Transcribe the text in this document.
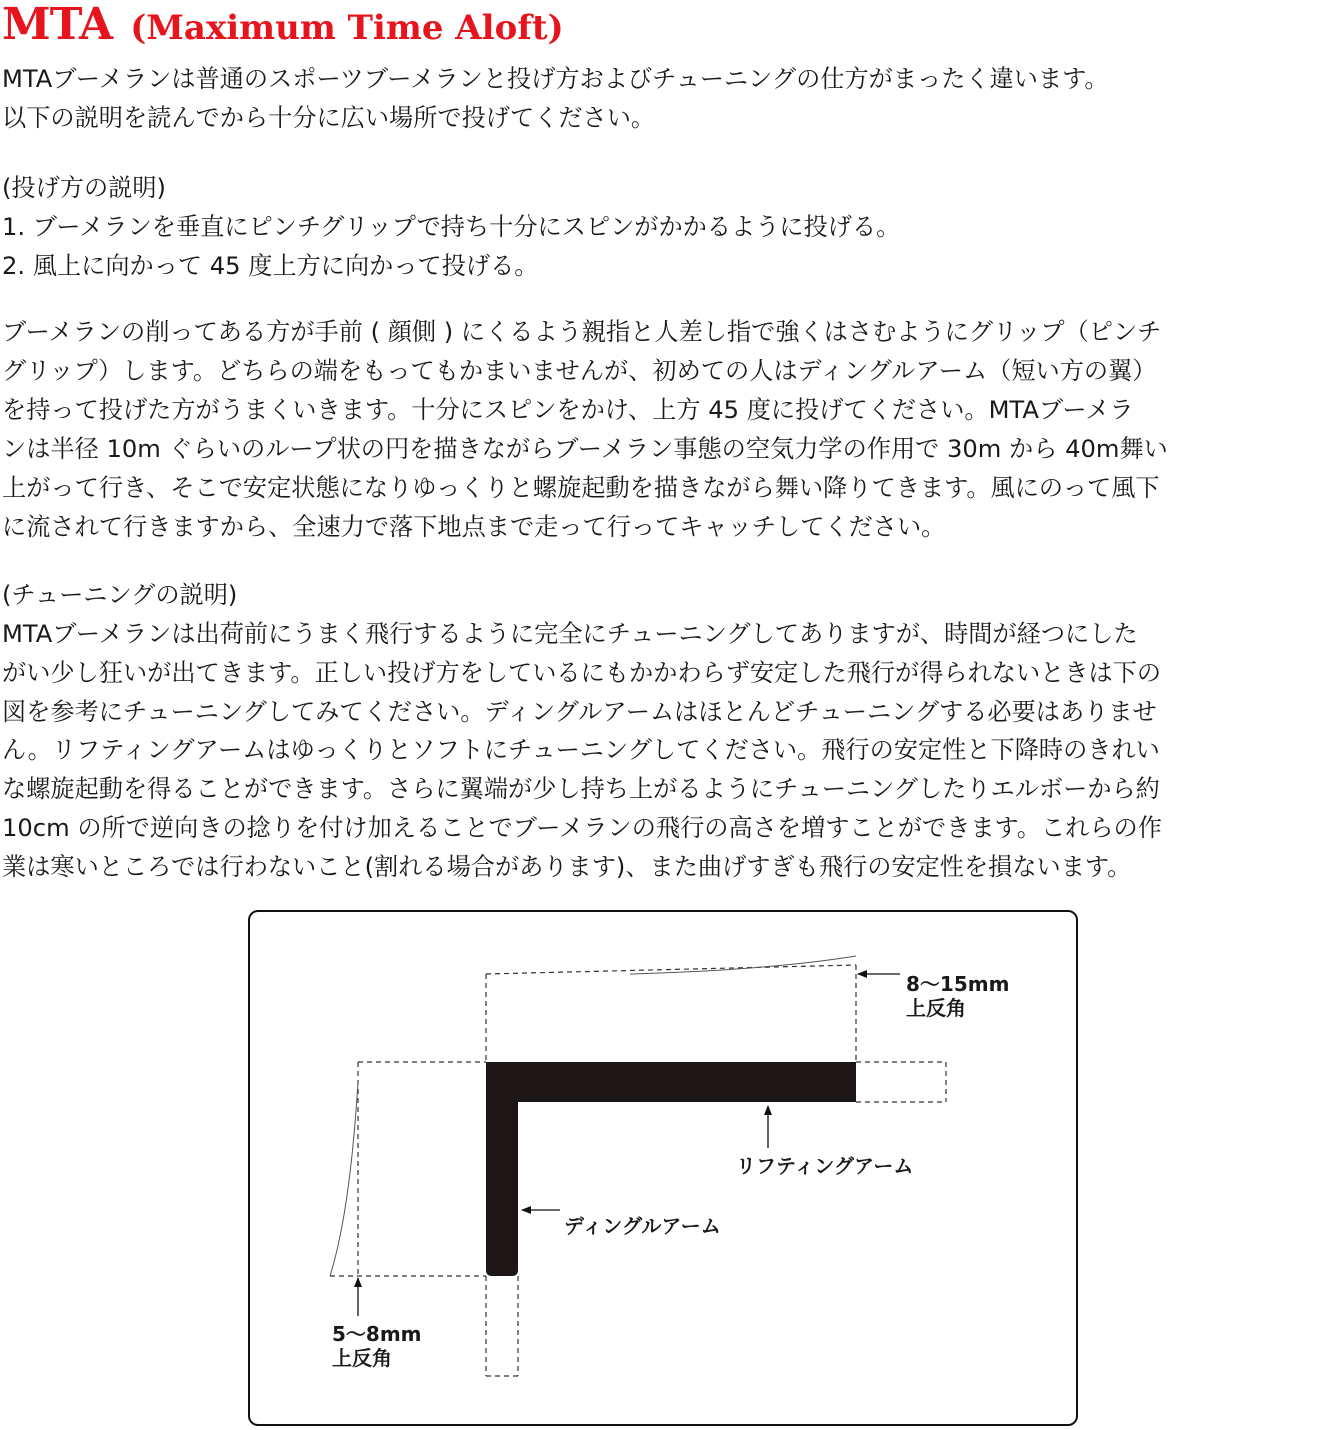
MTA (Maximum Time Aloft)

MTAブーメランは普通のスポーツブーメランと投げ方およびチューニングの仕方がまったく違います。

以下の説明を読んでから十分に広い場所で投げてください。

(投げ方の説明)

1. ブーメランを垂直にピンチグリップで持ち十分にスピンがかかるように投げる。

2. 風上に向かって 45 度上方に向かって投げる。

ブーメランの削ってある方が手前 ( 顔側 ) にくるよう親指と人差し指で強くはさむようにグリップ（ピンチ

グリップ）します。どちらの端をもってもかまいませんが、初めての人はディングルアーム（短い方の翼）

を持って投げた方がうまくいきます。十分にスピンをかけ、上方 45 度に投げてください。MTAブーメラ

ンは半径 10m ぐらいのループ状の円を描きながらブーメラン事態の空気力学の作用で 30m から 40m舞い

上がって行き、そこで安定状態になりゆっくりと螺旋起動を描きながら舞い降りてきます。風にのって風下

に流されて行きますから、全速力で落下地点まで走って行ってキャッチしてください。

(チューニングの説明)

MTAブーメランは出荷前にうまく飛行するように完全にチューニングしてありますが、時間が経つにした

がい少し狂いが出てきます。正しい投げ方をしているにもかかわらず安定した飛行が得られないときは下の

図を参考にチューニングしてみてください。ディングルアームはほとんどチューニングする必要はありませ

ん。リフティングアームはゆっくりとソフトにチューニングしてください。飛行の安定性と下降時のきれい

な螺旋起動を得ることができます。さらに翼端が少し持ち上がるようにチューニングしたりエルボーから約

10cm の所で逆向きの捻りを付け加えることでブーメランの飛行の高さを増すことができます。これらの作

業は寒いところでは行わないこと(割れる場合があります)、また曲げすぎも飛行の安定性を損ないます。

8〜15mm
上反角
リフティングアーム
ディングルアーム
5〜8mm
上反角
